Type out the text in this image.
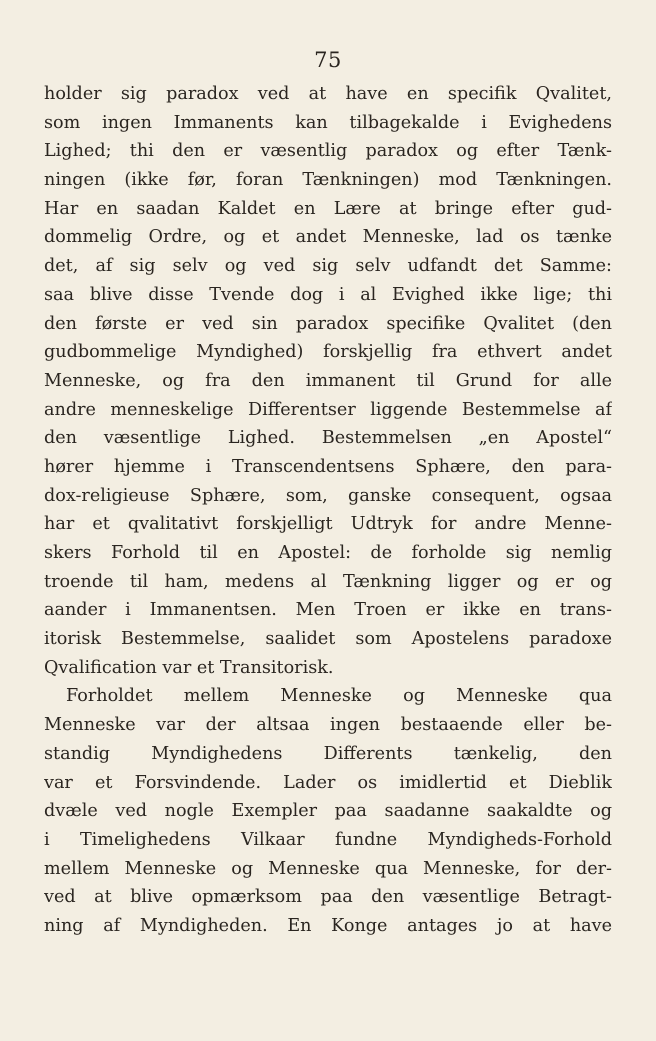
75
holder sig paradox ved at have en specifik Qvalitet,
som ingen Immanents kan tilbagekalde i Evighedens
Lighed; thi den er væsentlig paradox og efter Tænk-
ningen (ikke før, foran Tænkningen) mod Tænkningen.
Har en saadan Kaldet en Lære at bringe efter gud-
dommelig Ordre, og et andet Menneske, lad os tænke
det, af sig selv og ved sig selv udfandt det Samme:
saa blive disse Tvende dog i al Evighed ikke lige; thi
den første er ved sin paradox specifike Qvalitet (den
gudbommelige Myndighed) forskjellig fra ethvert andet
Menneske, og fra den immanent til Grund for alle
andre menneskelige Differentser liggende Bestemmelse af
den væsentlige Lighed. Bestemmelsen „en Apostel“
hører hjemme i Transcendentsens Sphære, den para-
dox-religieuse Sphære, som, ganske consequent, ogsaa
har et qvalitativt forskjelligt Udtryk for andre Menne-
skers Forhold til en Apostel: de forholde sig nemlig
troende til ham, medens al Tænkning ligger og er og
aander i Immanentsen. Men Troen er ikke en trans-
itorisk Bestemmelse, saalidet som Apostelens paradoxe
Qvalification var et Transitorisk.
Forholdet mellem Menneske og Menneske qua
Menneske var der altsaa ingen bestaaende eller be-
standig Myndighedens Differents tænkelig, den
var et Forsvindende. Lader os imidlertid et Dieblik
dvæle ved nogle Exempler paa saadanne saakaldte og
i Timelighedens Vilkaar fundne Myndigheds-Forhold
mellem Menneske og Menneske qua Menneske, for der-
ved at blive opmærksom paa den væsentlige Betragt-
ning af Myndigheden. En Konge antages jo at have
